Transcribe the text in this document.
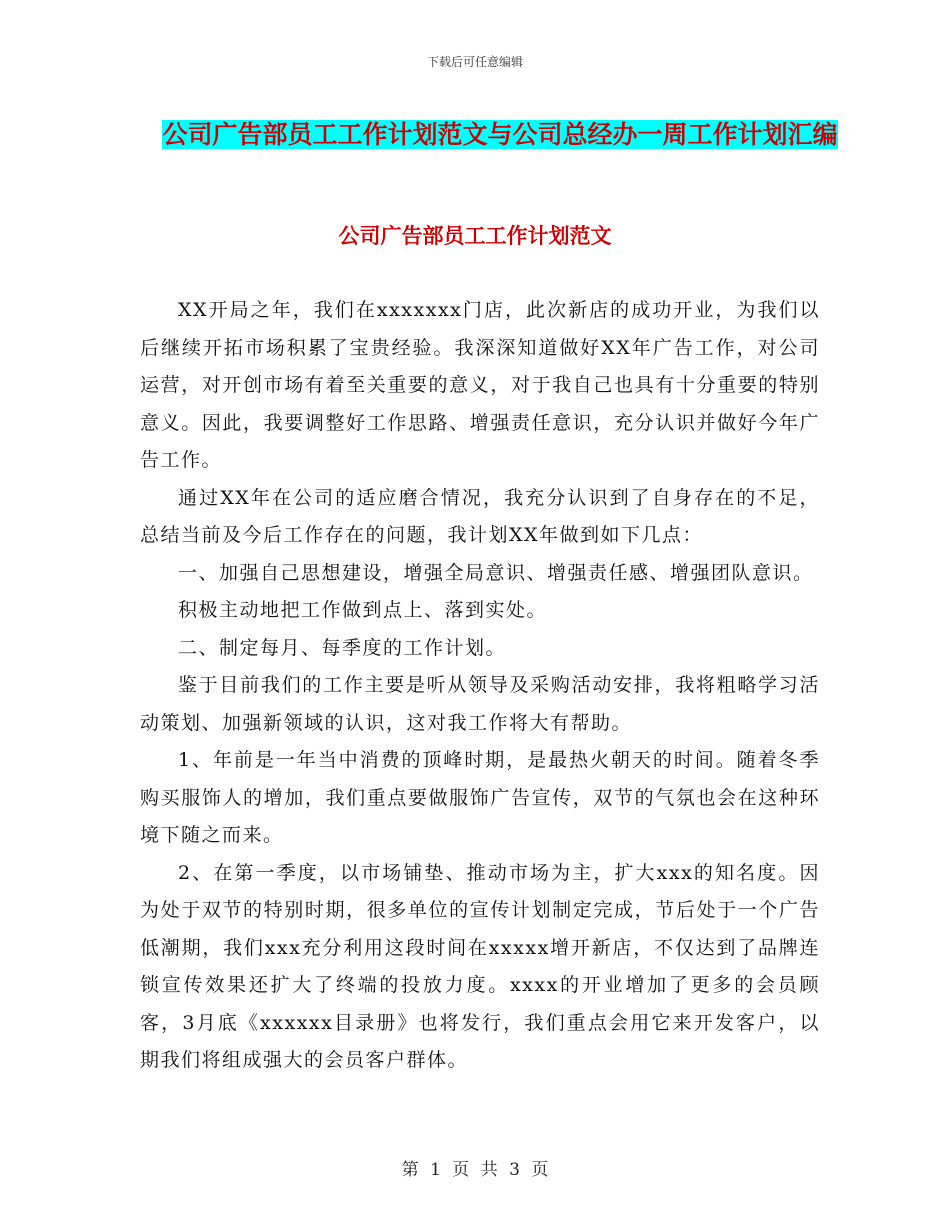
下载后可任意编辑
公司广告部员工工作计划范文与公司总经办一周工作计划汇编
公司广告部员工工作计划范文

XX开局之年，我们在xxxxxxx门店，此次新店的成功开业，为我们以后继续开拓市场积累了宝贵经验。我深深知道做好XX年广告工作，对公司运营，对开创市场有着至关重要的意义，对于我自己也具有十分重要的特别意义。因此，我要调整好工作思路、增强责任意识，充分认识并做好今年广告工作。

通过XX年在公司的适应磨合情况，我充分认识到了自身存在的不足，总结当前及今后工作存在的问题，我计划XX年做到如下几点：

一、加强自己思想建设，增强全局意识、增强责任感、增强团队意识。

积极主动地把工作做到点上、落到实处。

二、制定每月、每季度的工作计划。

鉴于目前我们的工作主要是听从领导及采购活动安排，我将粗略学习活动策划、加强新领域的认识，这对我工作将大有帮助。

1、年前是一年当中消费的顶峰时期，是最热火朝天的时间。随着冬季购买服饰人的增加，我们重点要做服饰广告宣传，双节的气氛也会在这种环境下随之而来。

2、在第一季度，以市场铺垫、推动市场为主，扩大xxx的知名度。因为处于双节的特别时期，很多单位的宣传计划制定完成，节后处于一个广告低潮期，我们xxx充分利用这段时间在xxxxx增开新店，不仅达到了品牌连锁宣传效果还扩大了终端的投放力度。xxxx的开业增加了更多的会员顾客，3月底《xxxxxx目录册》也将发行，我们重点会用它来开发客户，以期我们将组成强大的会员客户群体。

第 1 页 共 3 页
